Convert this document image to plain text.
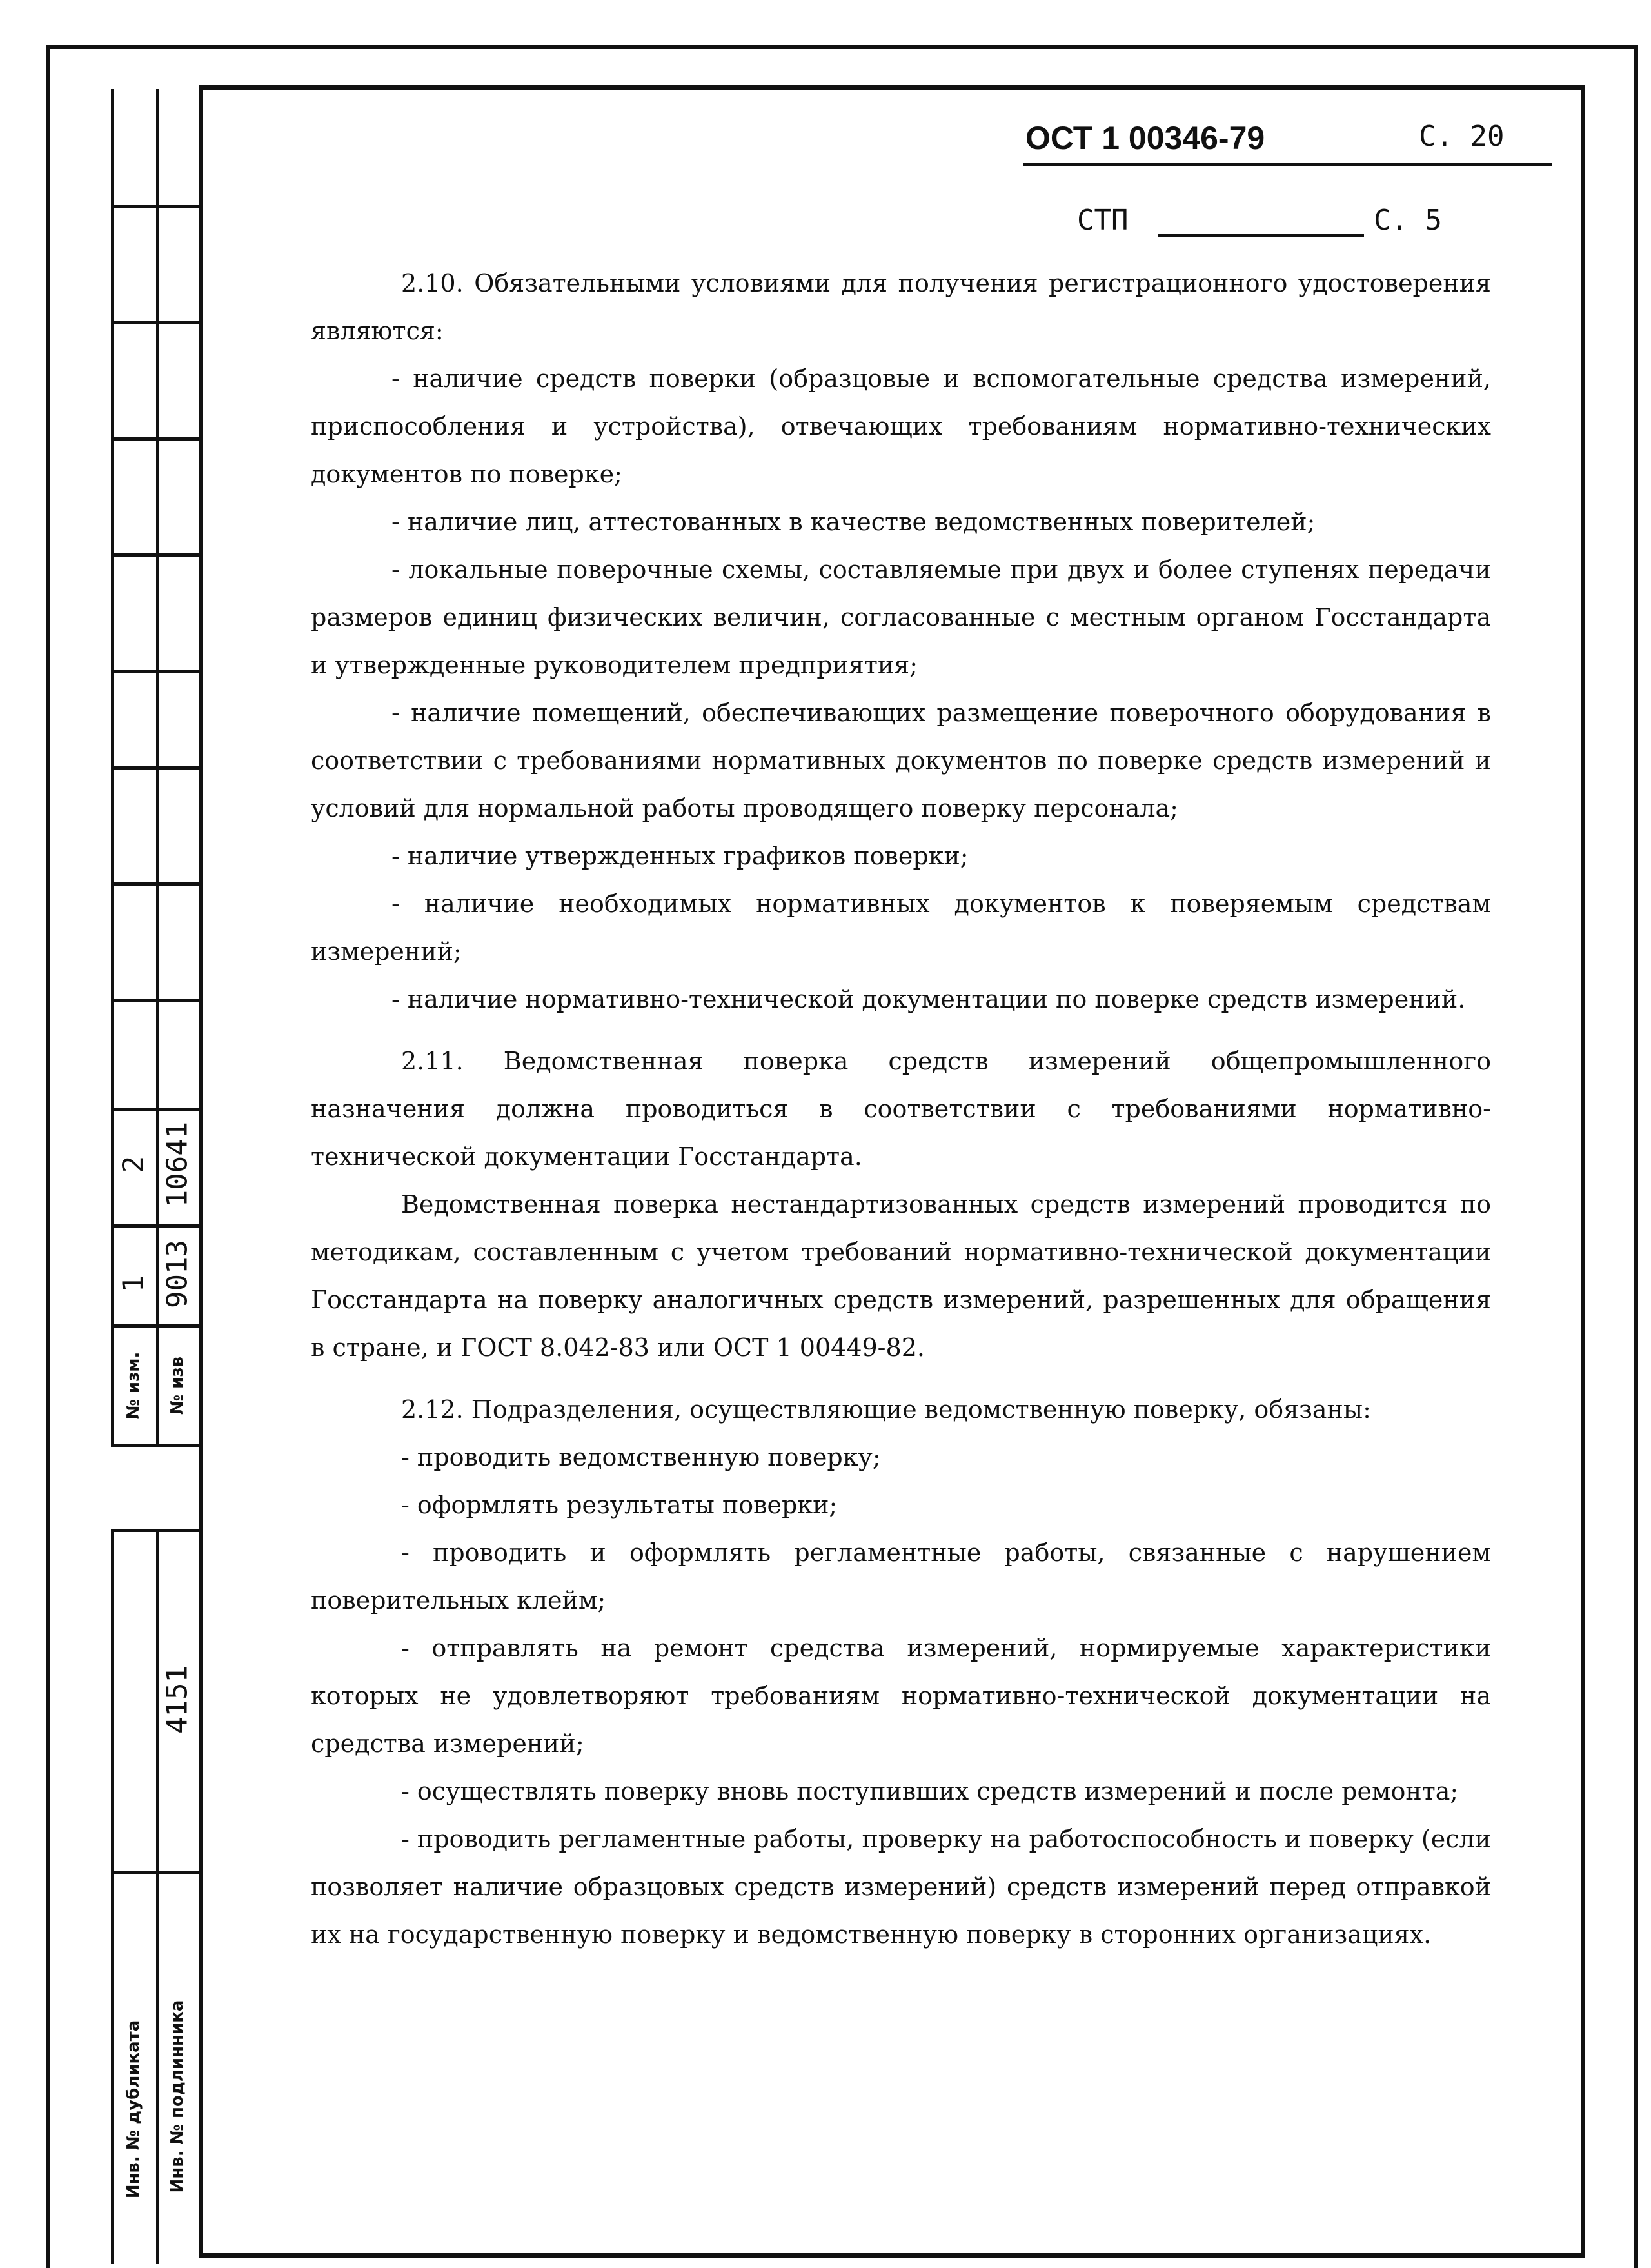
№ изм. № изв
1 9013
2 10641
Инв. № дубликата Инв. № подлинника
4151
ОСТ 1 00346-79	С. 20
СТП	С. 5

2.10. Обязательными условиями для получения регистрационного удостоверения являются:

- наличие средств поверки (образцовые и вспомогательные средства измерений, приспособления и устройства), отвечающих требованиям нормативно-технических документов по поверке;

- наличие лиц, аттестованных в качестве ведомственных поверителей;

- локальные поверочные схемы, составляемые при двух и более ступенях передачи размеров единиц физических величин, согласованные с местным органом Госстандарта и утвержденные руководителем предприятия;

- наличие помещений, обеспечивающих размещение поверочного оборудования в соответствии с требованиями нормативных документов по поверке средств измерений и условий для нормальной работы проводящего поверку персонала;

- наличие утвержденных графиков поверки;

- наличие необходимых нормативных документов к поверяемым средствам измерений;

- наличие нормативно-технической документации по поверке средств измерений.

2.11. Ведомственная поверка средств измерений общепромышленного назначения должна проводиться в соответствии с требованиями нормативно-технической документации Госстандарта.

Ведомственная поверка нестандартизованных средств измерений проводится по методикам, составленным с учетом требований нормативно-технической документации Госстандарта на поверку аналогичных средств измерений, разрешенных для обращения в стране, и ГОСТ 8.042-83 или ОСТ 1 00449-82.

2.12. Подразделения, осуществляющие ведомственную поверку, обязаны:

- проводить ведомственную поверку;

- оформлять результаты поверки;

- проводить и оформлять регламентные работы, связанные с нарушением поверительных клейм;

- отправлять на ремонт средства измерений, нормируемые характеристики которых не удовлетворяют требованиям нормативно-технической документации на средства измерений;

- осуществлять поверку вновь поступивших средств измерений и после ремонта;

- проводить регламентные работы, проверку на работоспособность и поверку (если позволяет наличие образцовых средств измерений) средств измерений перед отправкой их на государственную поверку и ведомственную поверку в сторонних организациях.
